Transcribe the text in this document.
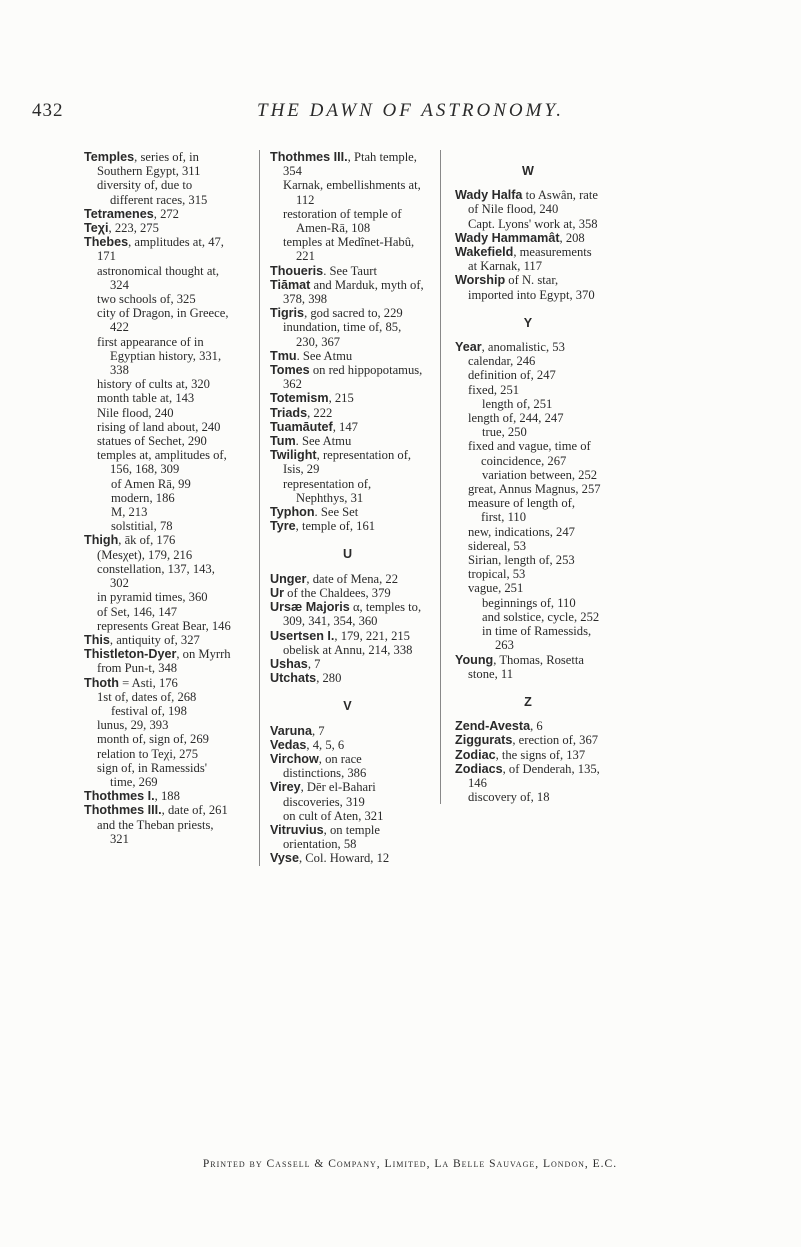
432	THE DAWN OF ASTRONOMY.

Temples, series of, in Southern Egypt, 311

diversity of, due to different races, 315

Tetramenes, 272

Teχi, 223, 275

Thebes, amplitudes at, 47, 171

astronomical thought at, 324

two schools of, 325

city of Dragon, in Greece, 422

first appearance of in Egyptian history, 331, 338

history of cults at, 320

month table at, 143

Nile flood, 240

rising of land about, 240

statues of Sechet, 290

temples at, amplitudes of, 156, 168, 309

of Amen Rā, 99

modern, 186

M, 213

solstitial, 78

Thigh, āk of, 176

(Mesχet), 179, 216

constellation, 137, 143, 302

in pyramid times, 360

of Set, 146, 147

represents Great Bear, 146

This, antiquity of, 327

Thistleton-Dyer, on Myrrh from Pun-t, 348

Thoth = Asti, 176

1st of, dates of, 268

festival of, 198

lunus, 29, 393

month of, sign of, 269

relation to Teχi, 275

sign of, in Ramessids' time, 269

Thothmes I., 188

Thothmes III., date of, 261

and the Theban priests, 321

Thothmes III., Ptah temple, 354

Karnak, embellishments at, 112

restoration of temple of Amen-Rā, 108

temples at Medînet-Habû, 221

Thoueris. See Taurt

Tiāmat and Marduk, myth of, 378, 398

Tigris, god sacred to, 229

inundation, time of, 85, 230, 367

Tmu. See Atmu

Tomes on red hippopotamus, 362

Totemism, 215

Triads, 222

Tuamāutef, 147

Tum. See Atmu

Twilight, representation of, Isis, 29

representation of, Nephthys, 31

Typhon. See Set

Tyre, temple of, 161

U

Unger, date of Mena, 22

Ur of the Chaldees, 379

Ursæ Majoris α, temples to, 309, 341, 354, 360

Usertsen I., 179, 221, 215

obelisk at Annu, 214, 338

Ushas, 7

Utchats, 280

V

Varuna, 7

Vedas, 4, 5, 6

Virchow, on race distinctions, 386

Virey, Dēr el-Bahari discoveries, 319

on cult of Aten, 321

Vitruvius, on temple orientation, 58

Vyse, Col. Howard, 12

W

Wady Halfa to Aswân, rate of Nile flood, 240

Capt. Lyons' work at, 358

Wady Hammamât, 208

Wakefield, measurements at Karnak, 117

Worship of N. star, imported into Egypt, 370

Y

Year, anomalistic, 53

calendar, 246

definition of, 247

fixed, 251

length of, 251

length of, 244, 247

true, 250

fixed and vague, time of coincidence, 267

variation between, 252

great, Annus Magnus, 257

measure of length of, first, 110

new, indications, 247

sidereal, 53

Sirian, length of, 253

tropical, 53

vague, 251

beginnings of, 110

and solstice, cycle, 252

in time of Ramessids, 263

Young, Thomas, Rosetta stone, 11

Z

Zend-Avesta, 6

Ziggurats, erection of, 367

Zodiac, the signs of, 137

Zodiacs, of Denderah, 135, 146

discovery of, 18

Printed by Cassell & Company, Limited, La Belle Sauvage, London, E.C.
